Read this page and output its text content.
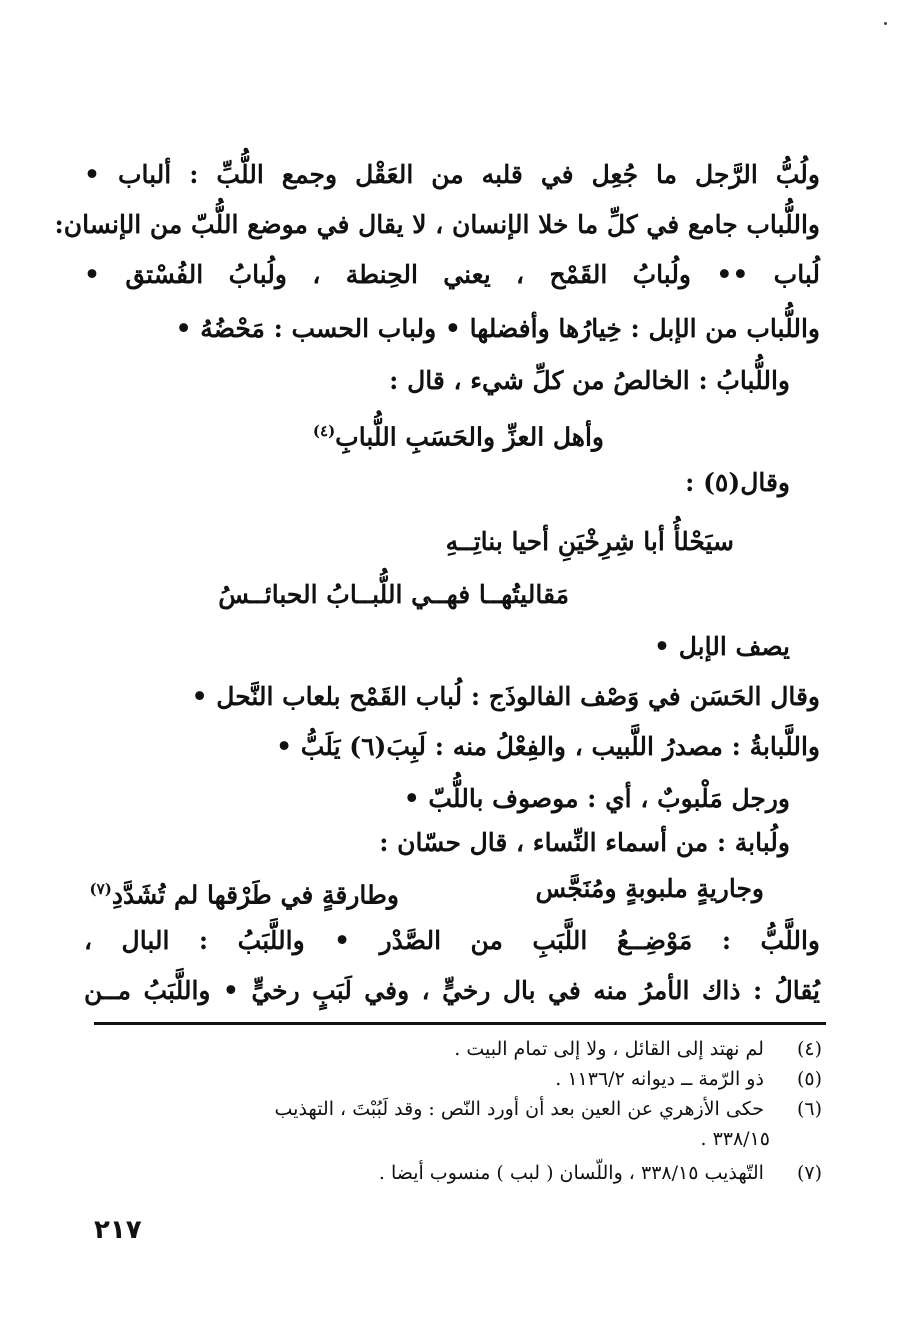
ولُبُّ الرَّجل ما جُعِل في قلبه من العَقْل وجمع اللُّبِّ : ألباب •
واللُّباب جامع في كلِّ ما خلا الإنسان ، لا يقال في موضع اللُّبّ من الإنسان:
لُباب •• ولُبابُ القَمْح ، يعني الحِنطة ، ولُبابُ الفُسْتق •
واللُّباب من الإبل : خِيارُها وأفضلها • ولباب الحسب : مَحْضُهُ •
واللُّبابُ : الخالصُ من كلِّ شيء ، قال :
وأهل العزِّ والحَسَبِ اللُّبابِ$^{(٤)}$
وقال(٥) :
سيَحْلأُ أبا شِرِخْيَنِ أحيا بناتِــهِ
مَقاليتُهــا فهــي اللُّبــابُ الحبائــسُ
يصف الإبل •
وقال الحَسَن في وَصْف الفالوذَج : لُباب القَمْح بلعاب النَّحل •
واللَّبابةُ : مصدرُ اللَّبيب ، والفِعْلُ منه : لَبِبَ(٦) يَلَبُّ •
ورجل مَلْبوبٌ ، أي : موصوف باللُّبّ •
ولُبابة : من أسماء النِّساء ، قال حسّان :
وجاريةٍ ملبوبةٍ ومُنَجَّس
وطارقةٍ في طَرْقها لم تُشَدَّدِ$^{(٧)}$
واللَّبُّ : مَوْضِــعُ اللَّبَبِ من الصَّدْر • واللَّبَبُ : البال ،
يُقالُ : ذاك الأمرُ منه في بال رخيٍّ ، وفي لَبَبٍ رخيٍّ • واللَّبَبُ مــن
(٤) لم نهتد إلى القائل ، ولا إلى تمام البيت .
(٥) ذو الرّمة ــ ديوانه ١١٣٦/٢ .
(٦) حكى الأزهري عن العين بعد أن أورد النّص : وقد لَبُبْتَ ، التهذيب
٣٣٨/١٥ .
(٧) التّهذيب ٣٣٨/١٥ ، واللّسان ( لبب ) منسوب أيضا .
٢١٧
